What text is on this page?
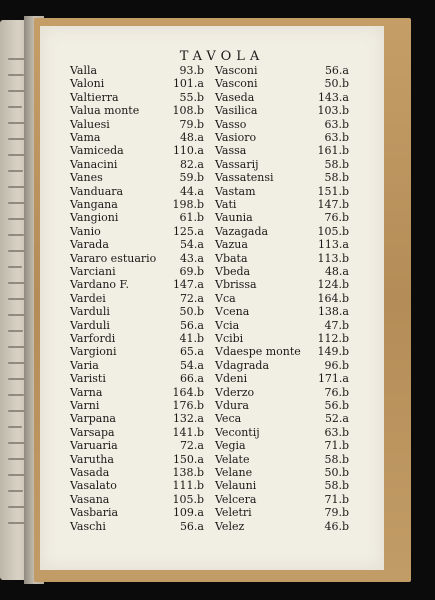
TAVOLA
Valla	93.b
Valoni	101.a
Valtierra	55.b
Valua monte	108.b
Valuesi	79.b
Vama	48.a
Vamiceda	110.a
Vanacini	82.a
Vanes	59.b
Vanduara	44.a
Vangana	198.b
Vangioni	61.b
Vanio	125.a
Varada	54.a
Vararo estuario 43.a
Varciani	69.b
Vardano F.	147.a
Vardei	72.a
Varduli	50.b
Varduli	56.a
Varfordi	41.b
Vargioni	65.a
Varia	54.a
Varisti	66.a
Varna	164.b
Varni	176.b
Varpana	132.a
Varsapa	141.b
Varuaria	72.a
Varutha	150.a
Vasada	138.b
Vasalato	111.b
Vasana	105.b
Vasbaria	109.a
Vaschi	56.a
Vasconi	56.a
Vasconi	50.b
Vaseda	143.a
Vasilica	103.b
Vasso	63.b
Vasioro	63.b
Vassa	161.b
Vassarij	58.b
Vassatensi	58.b
Vastam	151.b
Vati	147.b
Vaunia	76.b
Vazagada	105.b
Vazua	113.a
Vbata	113.b
Vbeda	48.a
Vbrissa	124.b
Vca	164.b
Vcena	138.a
Vcia	47.b
Vcibi	112.b
Vdaespe monte 149.b
Vdagrada	96.b
Vdeni	171.a
Vderzo	76.b
Vdura	56.b
Veca	52.a
Vecontij	63.b
Vegia	71.b
Velate	58.b
Velane	50.b
Velauni	58.b
Velcera	71.b
Veletri	79.b
Velez	46.b
